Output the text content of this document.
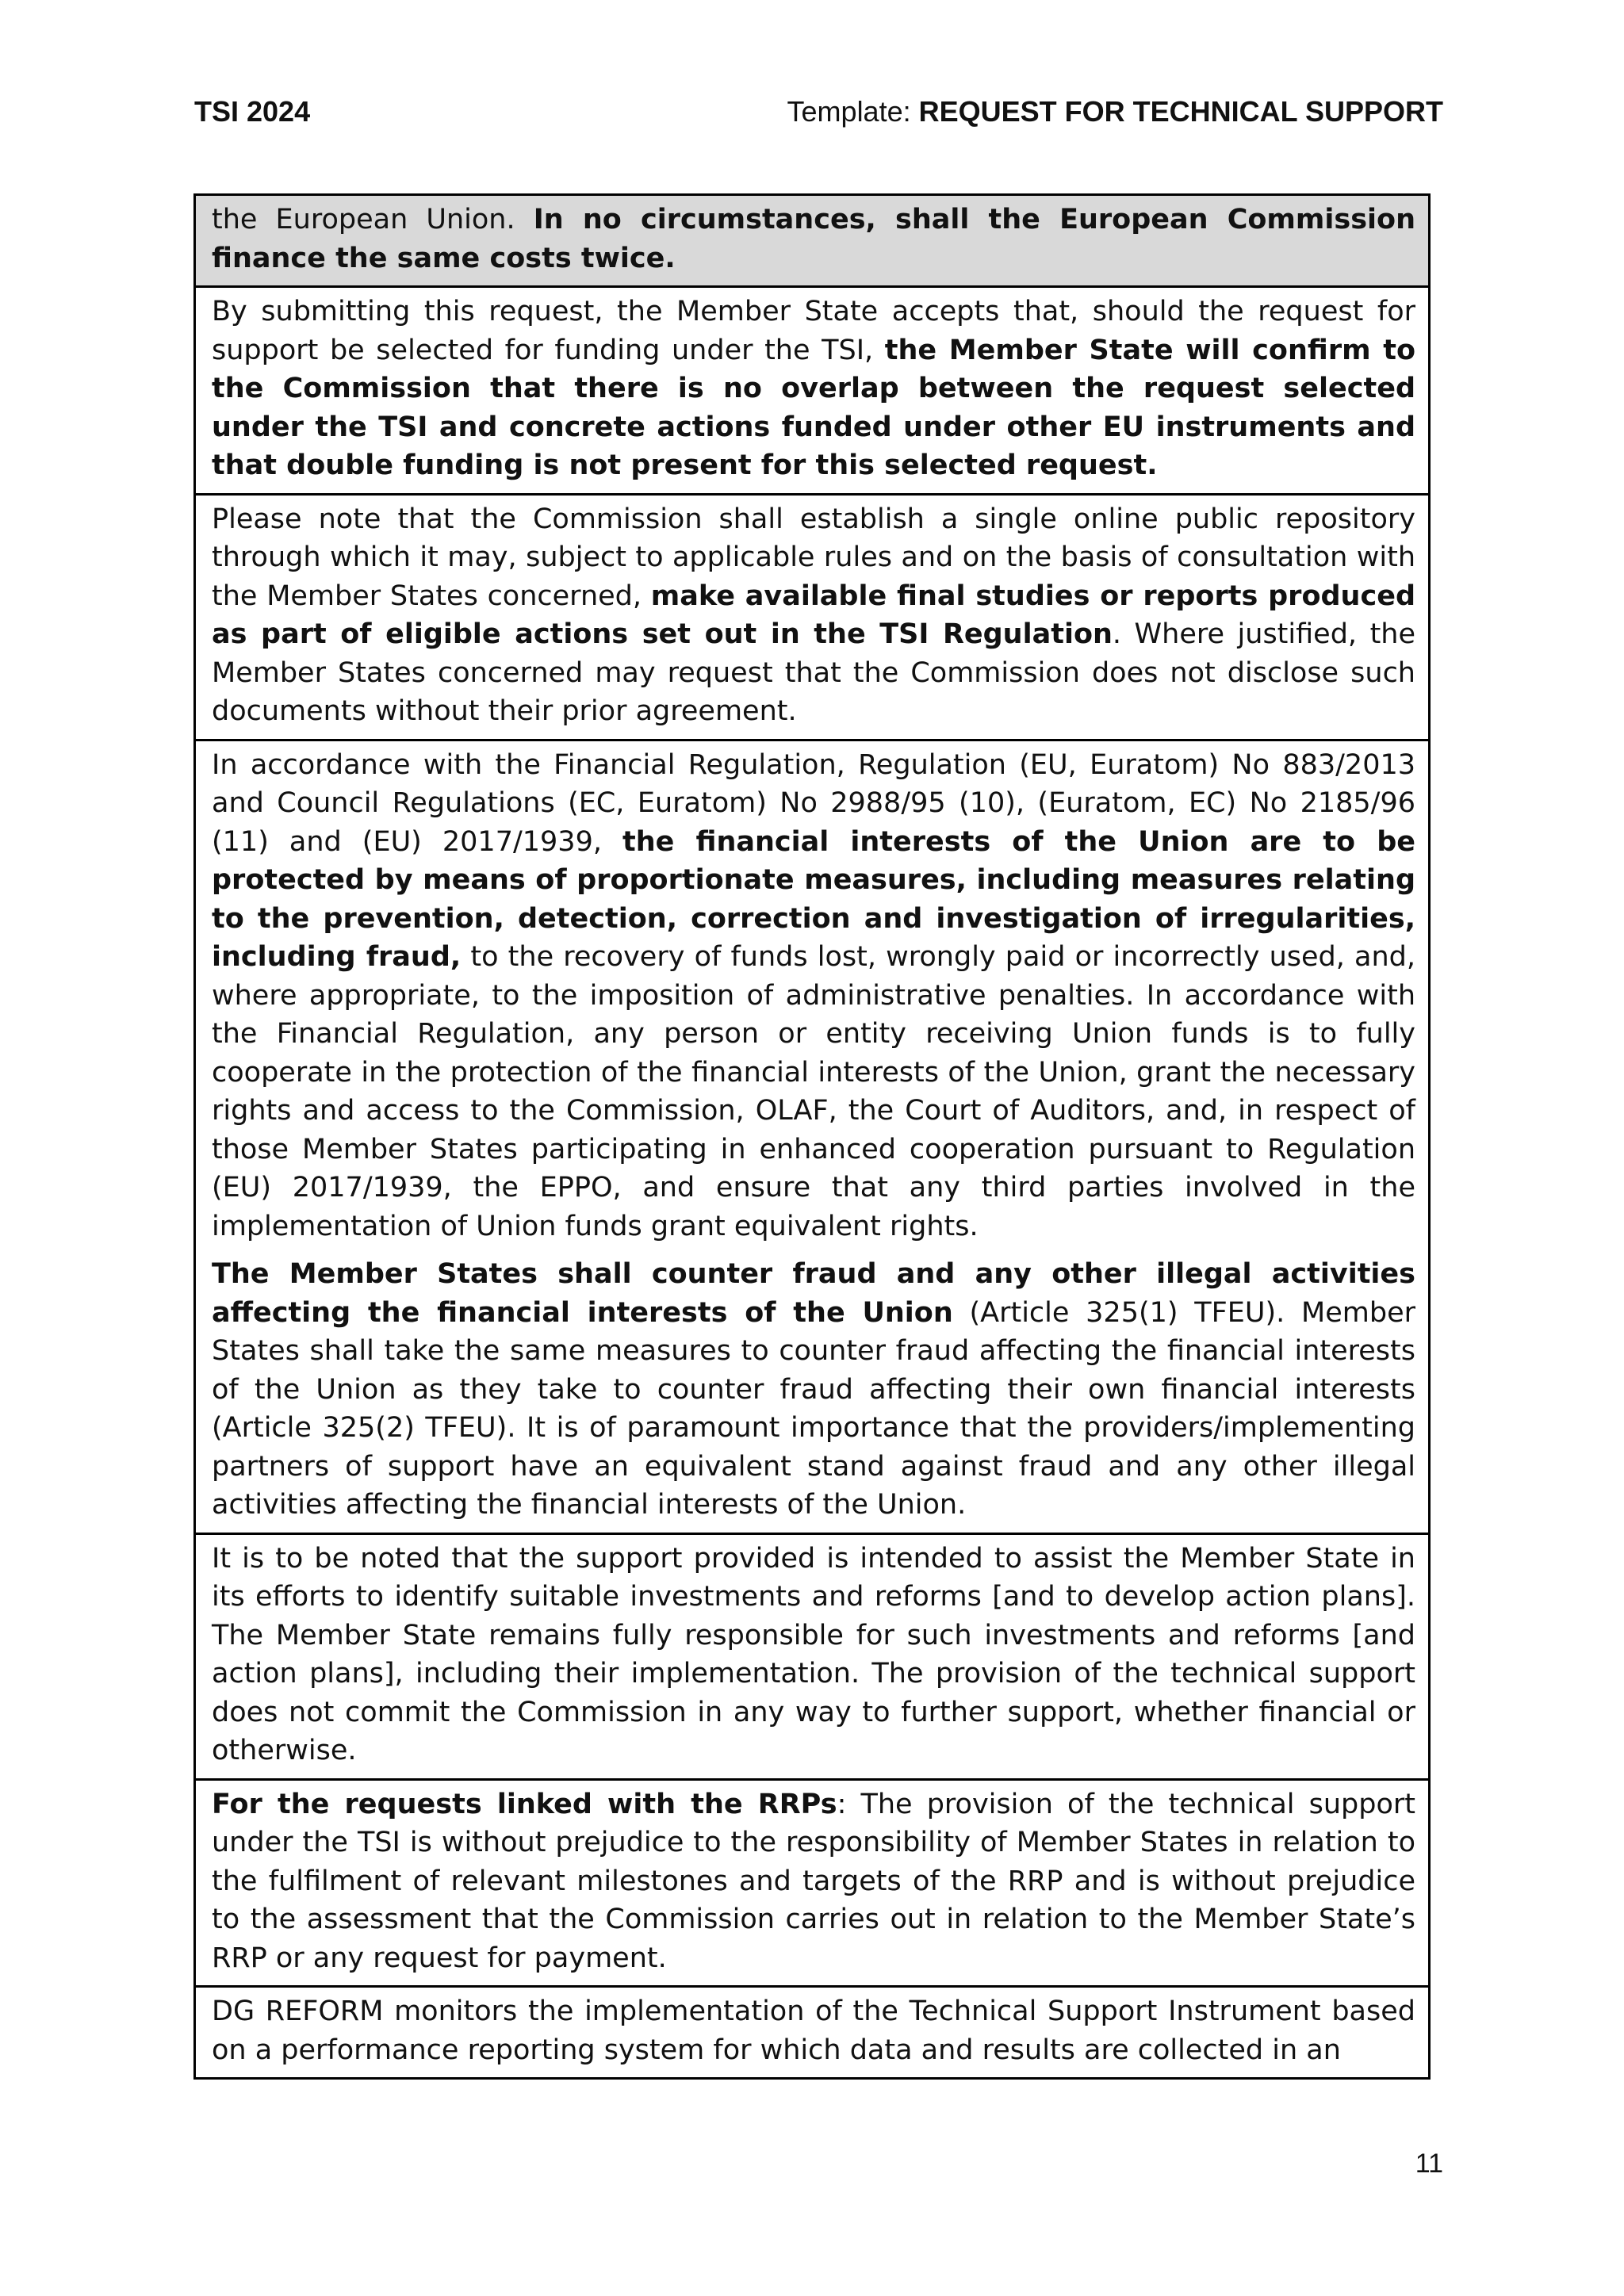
TSI 2024	Template: REQUEST FOR TECHNICAL SUPPORT

the European Union. In no circumstances, shall the European Commission finance the same costs twice.

By submitting this request, the Member State accepts that, should the request for support be selected for funding under the TSI, the Member State will confirm to the Commission that there is no overlap between the request selected under the TSI and concrete actions funded under other EU instruments and that double funding is not present for this selected request.

Please note that the Commission shall establish a single online public repository through which it may, subject to applicable rules and on the basis of consultation with the Member States concerned, make available final studies or reports produced as part of eligible actions set out in the TSI Regulation. Where justified, the Member States concerned may request that the Commission does not disclose such documents without their prior agreement.

In accordance with the Financial Regulation, Regulation (EU, Euratom) No 883/2013 and Council Regulations (EC, Euratom) No 2988/95 (10), (Euratom, EC) No 2185/96 (11) and (EU) 2017/1939, the financial interests of the Union are to be protected by means of proportionate measures, including measures relating to the prevention, detection, correction and investigation of irregularities, including fraud, to the recovery of funds lost, wrongly paid or incorrectly used, and, where appropriate, to the imposition of administrative penalties. In accordance with the Financial Regulation, any person or entity receiving Union funds is to fully cooperate in the protection of the financial interests of the Union, grant the necessary rights and access to the Commission, OLAF, the Court of Auditors, and, in respect of those Member States participating in enhanced cooperation pursuant to Regulation (EU) 2017/1939, the EPPO, and ensure that any third parties involved in the implementation of Union funds grant equivalent rights.

The Member States shall counter fraud and any other illegal activities affecting the financial interests of the Union (Article 325(1) TFEU). Member States shall take the same measures to counter fraud affecting the financial interests of the Union as they take to counter fraud affecting their own financial interests (Article 325(2) TFEU). It is of paramount importance that the providers/implementing partners of support have an equivalent stand against fraud and any other illegal activities affecting the financial interests of the Union.

It is to be noted that the support provided is intended to assist the Member State in its efforts to identify suitable investments and reforms [and to develop action plans]. The Member State remains fully responsible for such investments and reforms [and action plans], including their implementation. The provision of the technical support does not commit the Commission in any way to further support, whether financial or otherwise.

For the requests linked with the RRPs: The provision of the technical support under the TSI is without prejudice to the responsibility of Member States in relation to the fulfilment of relevant milestones and targets of the RRP and is without prejudice to the assessment that the Commission carries out in relation to the Member State’s RRP or any request for payment.

DG REFORM monitors the implementation of the Technical Support Instrument based on a performance reporting system for which data and results are collected in an

11
